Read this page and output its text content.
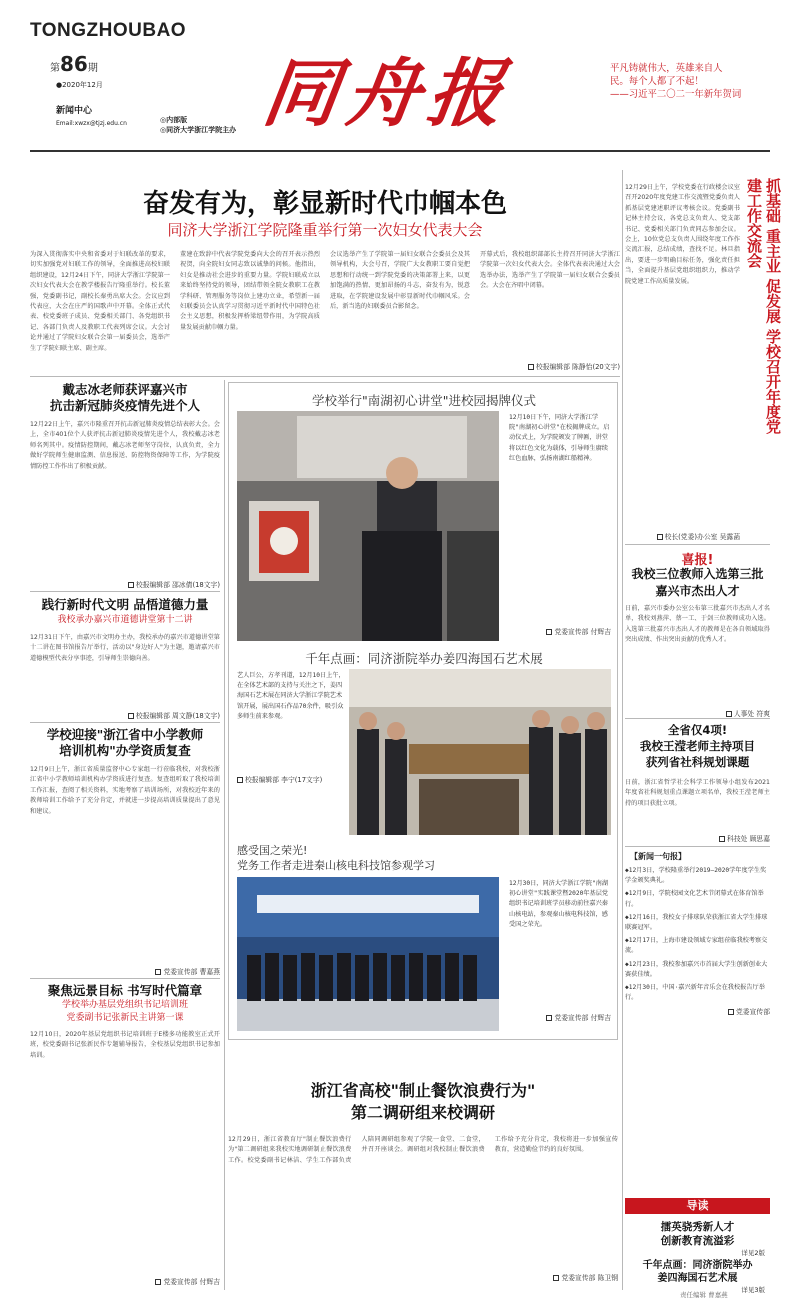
TONGZHOUBAO
第86期
●2020年12月
新闻中心
Email:xwzx@tjzj.edu.cn 同舟报
◎内部版
◎同济大学浙江学院主办
平凡铸就伟大，英雄来自人
民。每个人都了不起！
——习近平二〇二一年新年贺词
奋发有为，彰显新时代巾帼本色
同济大学浙江学院隆重举行第一次妇女代表大会
为深入贯彻落实中央和省委对于妇联改革的要求，切实加强党对妇联工作的领导，全面推进高校妇联组织建设，12月24日下午，同济大学浙江学院第一次妇女代表大会在教学楼报告厅隆重举行。校长董强，党委副书记，副校长秦勇出席大会。会议应到代表应，大会在庄严的国歌声中开幕。全体正式代表、校党委班子成员、党委相关部门、各党组织书记、各部门负责人及教职工代表列席会议。大会讨论并通过了学院妇女联合会第一届委员会，选举产生了学院妇联主席、副主席。
董建在致辞中代表学院党委向大会的召开表示热烈祝贺，向全院妇女同志致以诚挚的问候。他指出，妇女是推动社会进步的重要力量。学院妇联成立以来始终坚持党的领导，团结带领全院女教职工在教学科研、管理服务等岗位上建功立业，希望新一届妇联委员会认真学习贯彻习近平新时代中国特色社会主义思想，积极发挥桥梁纽带作用，为学院高质量发展贡献巾帼力量。
会议选举产生了学院第一届妇女联合会委员会及其领导机构，大会号召，学院广大女教职工要自觉把思想和行动统一到学院党委的决策部署上来，以更加饱满的热情、更加昂扬的斗志，奋发有为，锐意进取，在学院建设发展中彰显新时代巾帼风采。会后，新当选的妇联委员合影留念。
开幕式后，我校组织部部长主持召开同济大学浙江学院第一次妇女代表大会。全体代表表决通过大会选举办法，选举产生了学院第一届妇女联合会委员会。大会在齐唱中闭幕。
校报编辑部 陈静怡(20文字)	抓基础 重主业 促发展 学校召开年度党建工作交流会
12月29日上午，学校党委在行政楼会议室召开2020年度党建工作交流暨党委负责人抓基层党建述职评议考核会议。党委副书记林主持会议，各党总支负责人、党支部书记、党委相关部门负责同志参加会议。会上，10位党总支负责人围绕年度工作作交流汇报，总结成绩，查找不足。林旦指出，要进一步明确目标任务，强化责任担当，全面提升基层党组织组织力，推动学院党建工作高质量发展。
校长(党委)办公室 吴露菡
喜报!
我校三位教师入选第三批
嘉兴市杰出人才
日前，嘉兴市委办公室公布第三批嘉兴市杰出人才名单，我校刘燕萍、蔡一工、于剑三位教师成功入选。入选第三批嘉兴市杰出人才的教师是在各自领域取得突出成绩、作出突出贡献的优秀人才。
人事处 符爽
全省仅4项!
我校王滢老师主持项目
获列省社科规划课题
日前，浙江省哲学社会科学工作领导小组发布2021年度省社科规划重点课题立项名单，我校王滢老师主持的项目获批立项。
科技处 顾思嘉
【新闻一句报】
◆12月3日，学校隆重举行2019—2020学年度学生奖学金颁奖典礼。
◆12月9日，学院校园文化艺术节闭幕式在体育馆举行。
◆12月16日，我校女子排球队荣获浙江省大学生排球联赛冠军。
◆12月17日，上海市建设领域专家组莅临我校考察交流。
◆12月23日，我校参加嘉兴市首届大学生创新创业大赛获佳绩。
◆12月30日，中国·嘉兴新年音乐会在我校报告厅举行。
党委宣传部
导读
擂英骁秀新人才
创新教育流溢彩
详见2版
千年点画：同济浙院举办
姜四海国石艺术展
详见3版
戴志冰老师获评嘉兴市
抗击新冠肺炎疫情先进个人
12月22日上午，嘉兴市隆重召开抗击新冠肺炎疫情总结表彰大会。会上，全市401位个人获评抗击新冠肺炎疫情先进个人，我校戴志冰老师名列其中。疫情防控期间，戴志冰老师坚守岗位，认真负责，全力做好学院师生健康监测、信息报送、防控物资保障等工作，为学院疫情防控工作作出了积极贡献。
校报编辑部 邵冰倩(18文字)
践行新时代文明 品悟道德力量
我校承办嘉兴市道德讲堂第十二讲
12月31日下午，由嘉兴市文明办主办，我校承办的嘉兴市道德讲堂第十二讲在图书馆报告厅举行，活动以"身边好人"为主题，邀请嘉兴市道德模型代表分享事迹，引导师生崇德向善。
校报编辑部 周文静(18文字)
学校迎接"浙江省中小学教师
培训机构"办学资质复查
12月9日上午，浙江省质量监督中心专家组一行莅临我校，对我校浙江省中小学教师培训机构办学资质进行复查。复查组听取了我校培训工作汇报，查阅了相关资料，实地考察了培训场所，对我校近年来的教师培训工作给予了充分肯定，并就进一步提高培训质量提出了意见和建议。
党委宣传部 曹嘉燕
聚焦远景目标 书写时代篇章
学校举办基层党组织书记培训班
党委副书记张新民主讲第一课
12月10日，2020年基层党组织书记培训班于E楼多功能教室正式开班，校党委副书记张新民作专题辅导报告，全校基层党组织书记参加培训。
党委宣传部 付辉吉
学校举行"南湖初心讲堂"进校园揭牌仪式
12月10日下午，同济大学浙江学院"南湖初心讲堂"在校揭牌成立。启动仪式上，为学院颁发了牌匾，讲堂将以红色文化为载体，引导师生赓续红色血脉，弘扬南湖红船精神。
党委宣传部 付辉吉
千年点画：同济浙院举办姜四海国石艺术展
艺人巨公，方孝刊道，12月10日上午，在全体艺术部的支持与关注之下，姜四海国石艺术展在同济大学浙江学院艺术馆开展，展出国石作品70余件，吸引众多师生前来参观。
校报编辑部 李宁(17文字)
感受国之荣光!
党务工作者走进秦山核电科技馆参观学习
12月30日，同济大学浙江学院"南湖初心讲堂"实践课堂暨2020年基层党组织书记培训班学员移动前往嘉兴秦山核电站，参观秦山核电科技馆，感受国之荣光。
党委宣传部 付辉吉
浙江省高校"制止餐饮浪费行为"
第二调研组来校调研
12月29日，浙江省教育厅"制止餐饮浪费行为"第二调研组来我校实地调研制止餐饮浪费工作。校党委副书记林洁、学生工作部负责人陪同调研组参观了学院一食堂、二食堂，并召开座谈会。调研组对我校制止餐饮浪费工作给予充分肯定，我校将进一步加强宣传教育，营造勤俭节约的良好氛围。
党委宣传部 陈卫钢
责任编辑 曹嘉燕
